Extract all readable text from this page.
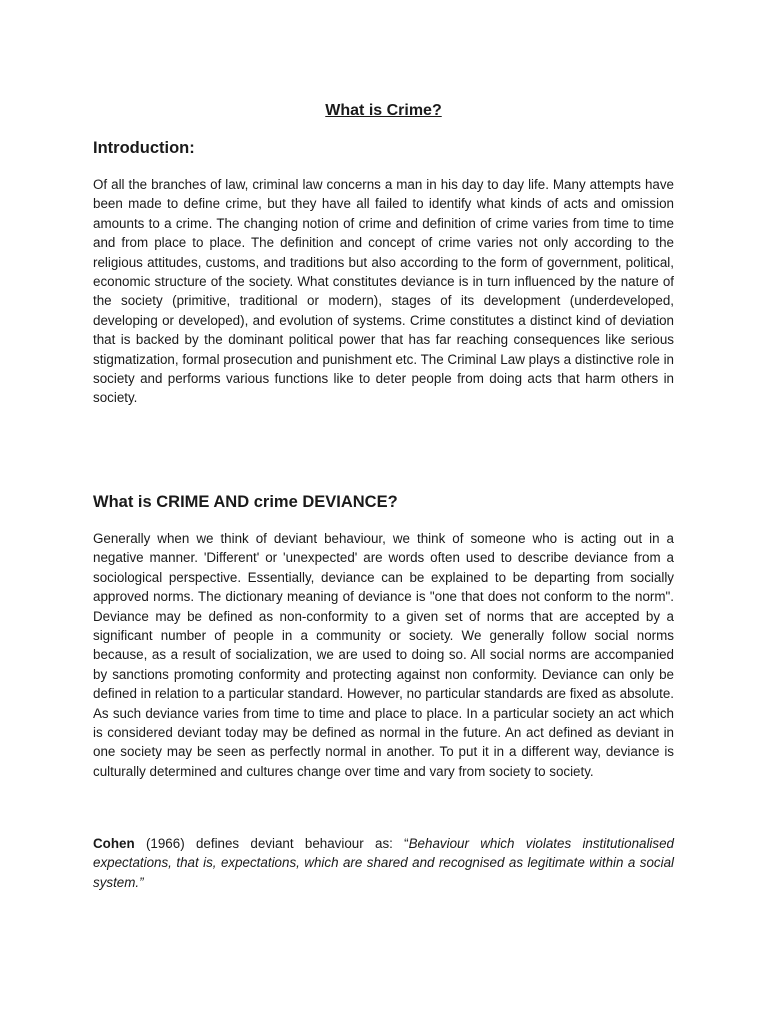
What is Crime?
Introduction:

Of all the branches of law, criminal law concerns a man in his day to day life. Many attempts have been made to define crime, but they have all failed to identify what kinds of acts and omission amounts to a crime. The changing notion of crime and definition of crime varies from time to time and from place to place. The definition and concept of crime varies not only according to the religious attitudes, customs, and traditions but also according to the form of government, political, economic structure of the society. What constitutes deviance is in turn influenced by the nature of the society (primitive, traditional or modern), stages of its development (underdeveloped, developing or developed), and evolution of systems. Crime constitutes a distinct kind of deviation that is backed by the dominant political power that has far reaching consequences like serious stigmatization, formal prosecution and punishment etc. The Criminal Law plays a distinctive role in society and performs various functions like to deter people from doing acts that harm others in society.

What is CRIME AND crime DEVIANCE?

Generally when we think of deviant behaviour, we think of someone who is acting out in a negative manner. 'Different' or 'unexpected' are words often used to describe deviance from a sociological perspective. Essentially, deviance can be explained to be departing from socially approved norms. The dictionary meaning of deviance is "one that does not conform to the norm". Deviance may be defined as non-conformity to a given set of norms that are accepted by a significant number of people in a community or society. We generally follow social norms because, as a result of socialization, we are used to doing so. All social norms are accompanied by sanctions promoting conformity and protecting against non conformity. Deviance can only be defined in relation to a particular standard. However, no particular standards are fixed as absolute. As such deviance varies from time to time and place to place. In a particular society an act which is considered deviant today may be defined as normal in the future. An act defined as deviant in one society may be seen as perfectly normal in another. To put it in a different way, deviance is culturally determined and cultures change over time and vary from society to society.

Cohen (1966) defines deviant behaviour as: “Behaviour which violates institutionalised expectations, that is, expectations, which are shared and recognised as legitimate within a social system.”
